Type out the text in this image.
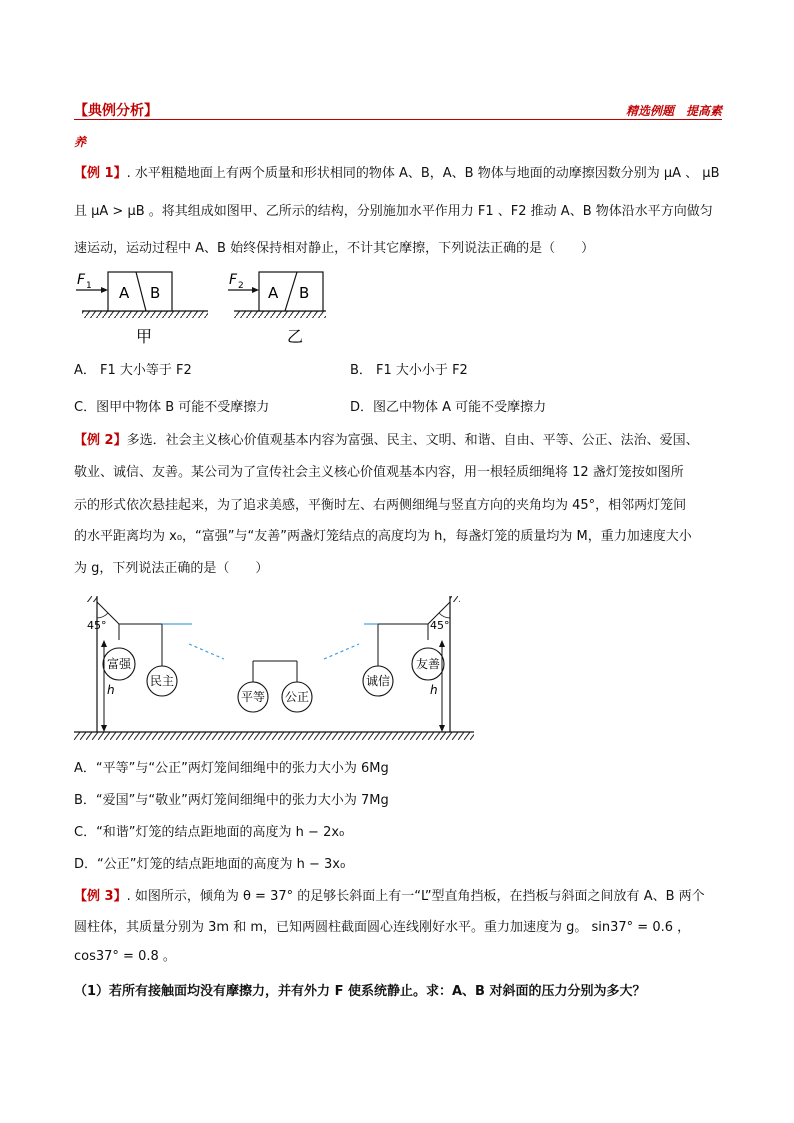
【典例分析】	精选例题　提高素
养
【例 1】. 水平粗糙地面上有两个质量和形状相同的物体 A、B，A、B 物体与地面的动摩擦因数分别为 μA 、 μB
且 μA > μB 。将其组成如图甲、乙所示的结构，分别施加水平作用力 F1 、F2 推动 A、B 物体沿水平方向做匀
速运动，运动过程中 A、B 始终保持相对静止，不计其它摩擦，下列说法正确的是（　　）
A B
F 1
甲
A B
F 2
乙
A． F1 大小等于 F2	B． F1 大小小于 F2
C．图甲中物体 B 可能不受摩擦力	D．图乙中物体 A 可能不受摩擦力
【例 2】多选．社会主义核心价值观基本内容为富强、民主、文明、和谐、自由、平等、公正、法治、爱国、
敬业、诚信、友善。某公司为了宣传社会主义核心价值观基本内容，用一根轻质细绳将 12 盏灯笼按如图所
示的形式依次悬挂起来，为了追求美感，平衡时左、右两侧细绳与竖直方向的夹角均为 45°，相邻两灯笼间
的水平距离均为 x₀，“富强”与“友善”两盏灯笼结点的高度均为 h，每盏灯笼的质量均为 M，重力加速度大小
为 g，下列说法正确的是（　　）
45°	45°
富强
民主
平等 公正
诚信
友善
h	h
A．“平等”与“公正”两灯笼间细绳中的张力大小为 6Mg
B．“爱国”与“敬业”两灯笼间细绳中的张力大小为 7Mg
C．“和谐”灯笼的结点距地面的高度为 h − 2x₀
D．“公正”灯笼的结点距地面的高度为 h − 3x₀
【例 3】. 如图所示，倾角为 θ = 37° 的足够长斜面上有一“L”型直角挡板，在挡板与斜面之间放有 A、B 两个
圆柱体，其质量分别为 3m 和 m，已知两圆柱截面圆心连线刚好水平。重力加速度为 g。 sin37° = 0.6 ，
cos37° = 0.8 。
（1）若所有接触面均没有摩擦力，并有外力 F 使系统静止。求：A、B 对斜面的压力分别为多大？
